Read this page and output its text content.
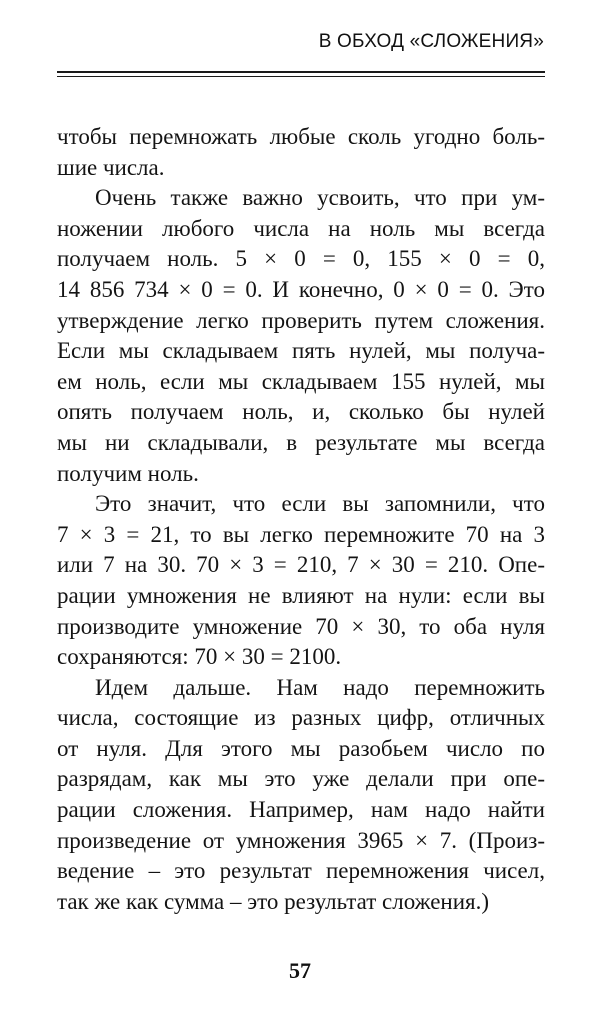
В ОБХОД «СЛОЖЕНИЯ»
чтобы перемножать любые сколь угодно боль-
шие числа.
Очень также важно усвоить, что при ум-
ножении любого числа на ноль мы всегда
получаем ноль. 5 × 0 = 0, 155 × 0 = 0,
14 856 734 × 0 = 0. И конечно, 0 × 0 = 0. Это
утверждение легко проверить путем сложения.
Если мы складываем пять нулей, мы получа-
ем ноль, если мы складываем 155 нулей, мы
опять получаем ноль, и, сколько бы нулей
мы ни складывали, в результате мы всегда
получим ноль.
Это значит, что если вы запомнили, что
7 × 3 = 21, то вы легко перемножите 70 на 3
или 7 на 30. 70 × 3 = 210, 7 × 30 = 210. Опе-
рации умножения не влияют на нули: если вы
производите умножение 70 × 30, то оба нуля
сохраняются: 70 × 30 = 2100.
Идем дальше. Нам надо перемножить
числа, состоящие из разных цифр, отличных
от нуля. Для этого мы разобьем число по
разрядам, как мы это уже делали при опе-
рации сложения. Например, нам надо найти
произведение от умножения 3965 × 7. (Произ-
ведение – это результат перемножения чисел,
так же как сумма – это результат сложения.)
57
